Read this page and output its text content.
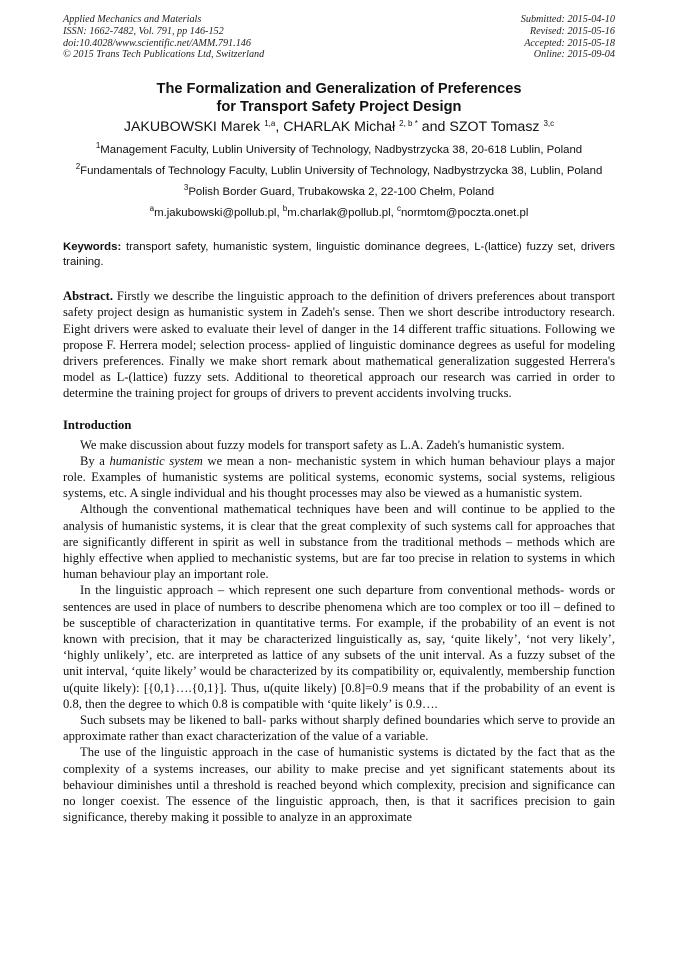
Applied Mechanics and Materials
ISSN: 1662-7482, Vol. 791, pp 146-152
doi:10.4028/www.scientific.net/AMM.791.146
© 2015 Trans Tech Publications Ltd, Switzerland
Submitted: 2015-04-10
Revised: 2015-05-16
Accepted: 2015-05-18
Online: 2015-09-04
The Formalization and Generalization of Preferences
for Transport Safety Project Design
JAKUBOWSKI Marek $^{1,a}$, CHARLAK Michał $^{2, b *}$ and SZOT Tomasz $^{3,c}$
$^1$Management Faculty, Lublin University of Technology, Nadbystrzycka 38, 20-618 Lublin, Poland
$^2$Fundamentals of Technology Faculty, Lublin University of Technology, Nadbystrzycka 38, Lublin, Poland
$^3$Polish Border Guard, Trubakowska 2, 22-100 Chełm, Poland
$^a$m.jakubowski@pollub.pl, $^b$m.charlak@pollub.pl, $^c$normtom@poczta.onet.pl
Keywords: transport safety, humanistic system, linguistic dominance degrees, L-(lattice) fuzzy set, drivers training.
Abstract. Firstly we describe the linguistic approach to the definition of drivers preferences about transport safety project design as humanistic system in Zadeh's sense. Then we short describe introductory research. Eight drivers were asked to evaluate their level of danger in the 14 different traffic situations. Following we propose F. Herrera model; selection process- applied of linguistic dominance degrees as useful for modeling drivers preferences. Finally we make short remark about mathematical generalization suggested Herrera's model as L-(lattice) fuzzy sets. Additional to theoretical approach our research was carried in order to determine the training project for groups of drivers to prevent accidents involving trucks.
Introduction

We make discussion about fuzzy models for transport safety as L.A. Zadeh's humanistic system.

By a humanistic system we mean a non- mechanistic system in which human behaviour plays a major role. Examples of humanistic systems are political systems, economic systems, social systems, religious systems, etc. A single individual and his thought processes may also be viewed as a humanistic system.

Although the conventional mathematical techniques have been and will continue to be applied to the analysis of humanistic systems, it is clear that the great complexity of such systems call for approaches that are significantly different in spirit as well in substance from the traditional methods – methods which are highly effective when applied to mechanistic systems, but are far too precise in relation to systems in which human behaviour play an important role.

In the linguistic approach – which represent one such departure from conventional methods- words or sentences are used in place of numbers to describe phenomena which are too complex or too ill – defined to be susceptible of characterization in quantitative terms. For example, if the probability of an event is not known with precision, that it may be characterized linguistically as, say, ‘quite likely’, ‘not very likely’, ‘highly unlikely’, etc. are interpreted as lattice of any subsets of the unit interval. As a fuzzy subset of the unit interval, ‘quite likely’ would be characterized by its compatibility or, equivalently, membership function u(quite likely): [{0,1}….{0,1}]. Thus, u(quite likely) [0.8]=0.9 means that if the probability of an event is 0.8, then the degree to which 0.8 is compatible with ‘quite likely’ is 0.9….

Such subsets may be likened to ball- parks without sharply defined boundaries which serve to provide an approximate rather than exact characterization of the value of a variable.

The use of the linguistic approach in the case of humanistic systems is dictated by the fact that as the complexity of a systems increases, our ability to make precise and yet significant statements about its behaviour diminishes until a threshold is reached beyond which complexity, precision and significance can no longer coexist. The essence of the linguistic approach, then, is that it sacrifices precision to gain significance, thereby making it possible to analyze in an approximate
